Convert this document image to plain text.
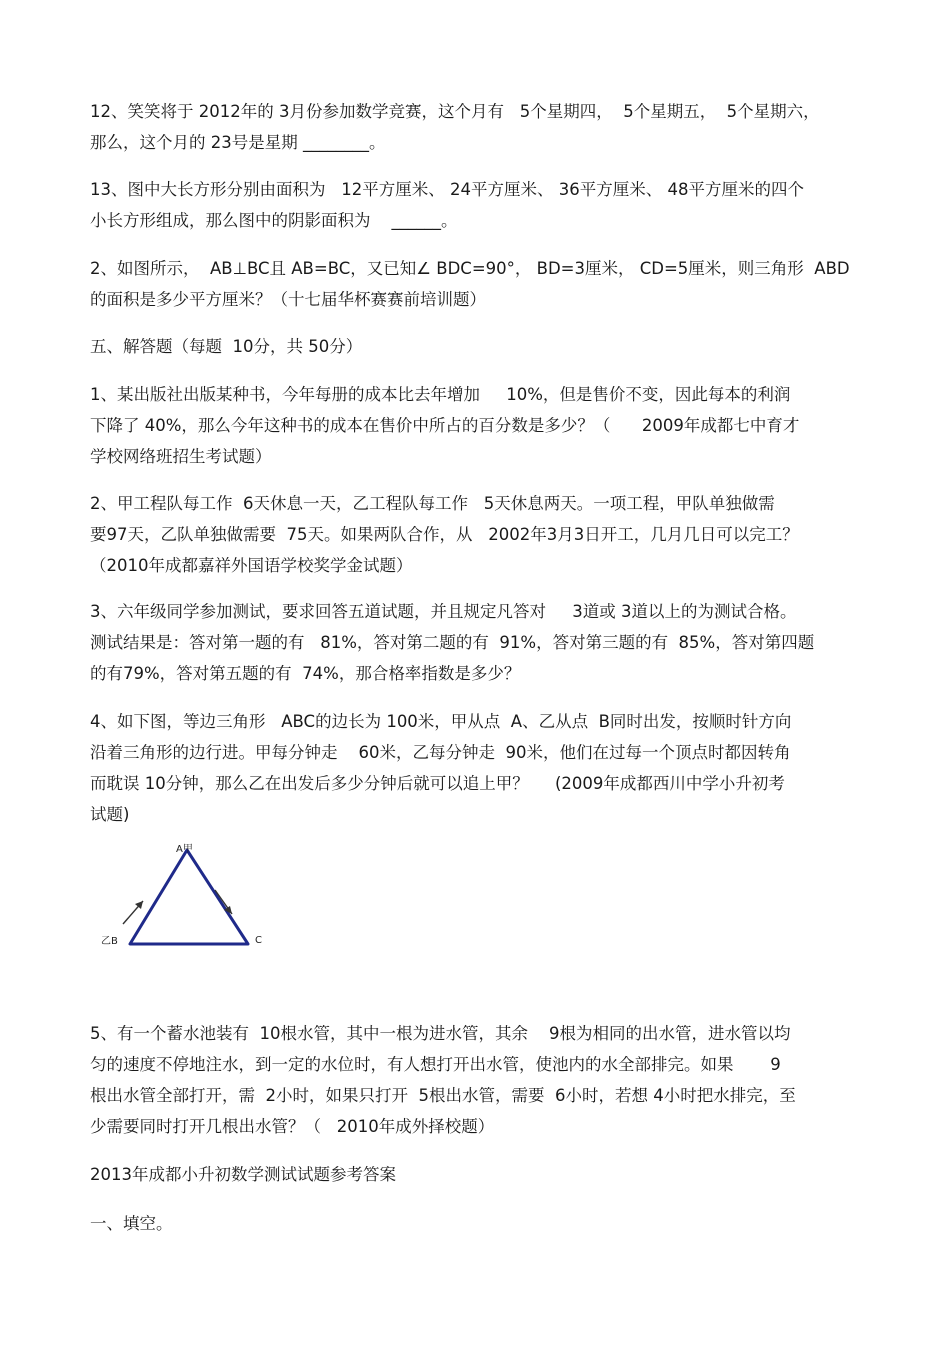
12、笑笑将于 2012年的 3月份参加数学竞赛，这个月有   5个星期四，  5个星期五，  5个星期六，
那么，这个月的 23号是星期 ________。
13、图中大长方形分别由面积为   12平方厘米、 24平方厘米、 36平方厘米、 48平方厘米的四个
小长方形组成，那么图中的阴影面积为    ______。
2、如图所示，  AB⊥BC且 AB=BC，又已知∠ BDC=90°， BD=3厘米， CD=5厘米，则三角形  ABD
的面积是多少平方厘米？（十七届华杯赛赛前培训题）
五、解答题（每题  10分，共 50分）
1、某出版社出版某种书，今年每册的成本比去年增加     10%，但是售价不变，因此每本的利润
下降了 40%，那么今年这种书的成本在售价中所占的百分数是多少？（      2009年成都七中育才
学校网络班招生考试题）
2、甲工程队每工作  6天休息一天，乙工程队每工作   5天休息两天。一项工程，甲队单独做需
要97天，乙队单独做需要  75天。如果两队合作，从   2002年3月3日开工，几月几日可以完工？
（2010年成都嘉祥外国语学校奖学金试题）
3、六年级同学参加测试，要求回答五道试题，并且规定凡答对     3道或 3道以上的为测试合格。
测试结果是：答对第一题的有   81%，答对第二题的有  91%，答对第三题的有  85%，答对第四题
的有79%，答对第五题的有  74%，那合格率指数是多少？
4、如下图，等边三角形   ABC的边长为 100米，甲从点  A、乙从点  B同时出发，按顺时针方向
沿着三角形的边行进。甲每分钟走    60米，乙每分钟走  90米，他们在过每一个顶点时都因转角
而耽误 10分钟，那么乙在出发后多少分钟后就可以追上甲？     (2009年成都西川中学小升初考
试题)
A甲
乙B	C
5、有一个蓄水池装有  10根水管，其中一根为进水管，其余    9根为相同的出水管，进水管以均
匀的速度不停地注水，到一定的水位时，有人想打开出水管，使池内的水全部排完。如果       9
根出水管全部打开，需  2小时，如果只打开  5根出水管，需要  6小时，若想 4小时把水排完，至
少需要同时打开几根出水管？（   2010年成外择校题）
2013年成都小升初数学测试试题参考答案
一、填空。
